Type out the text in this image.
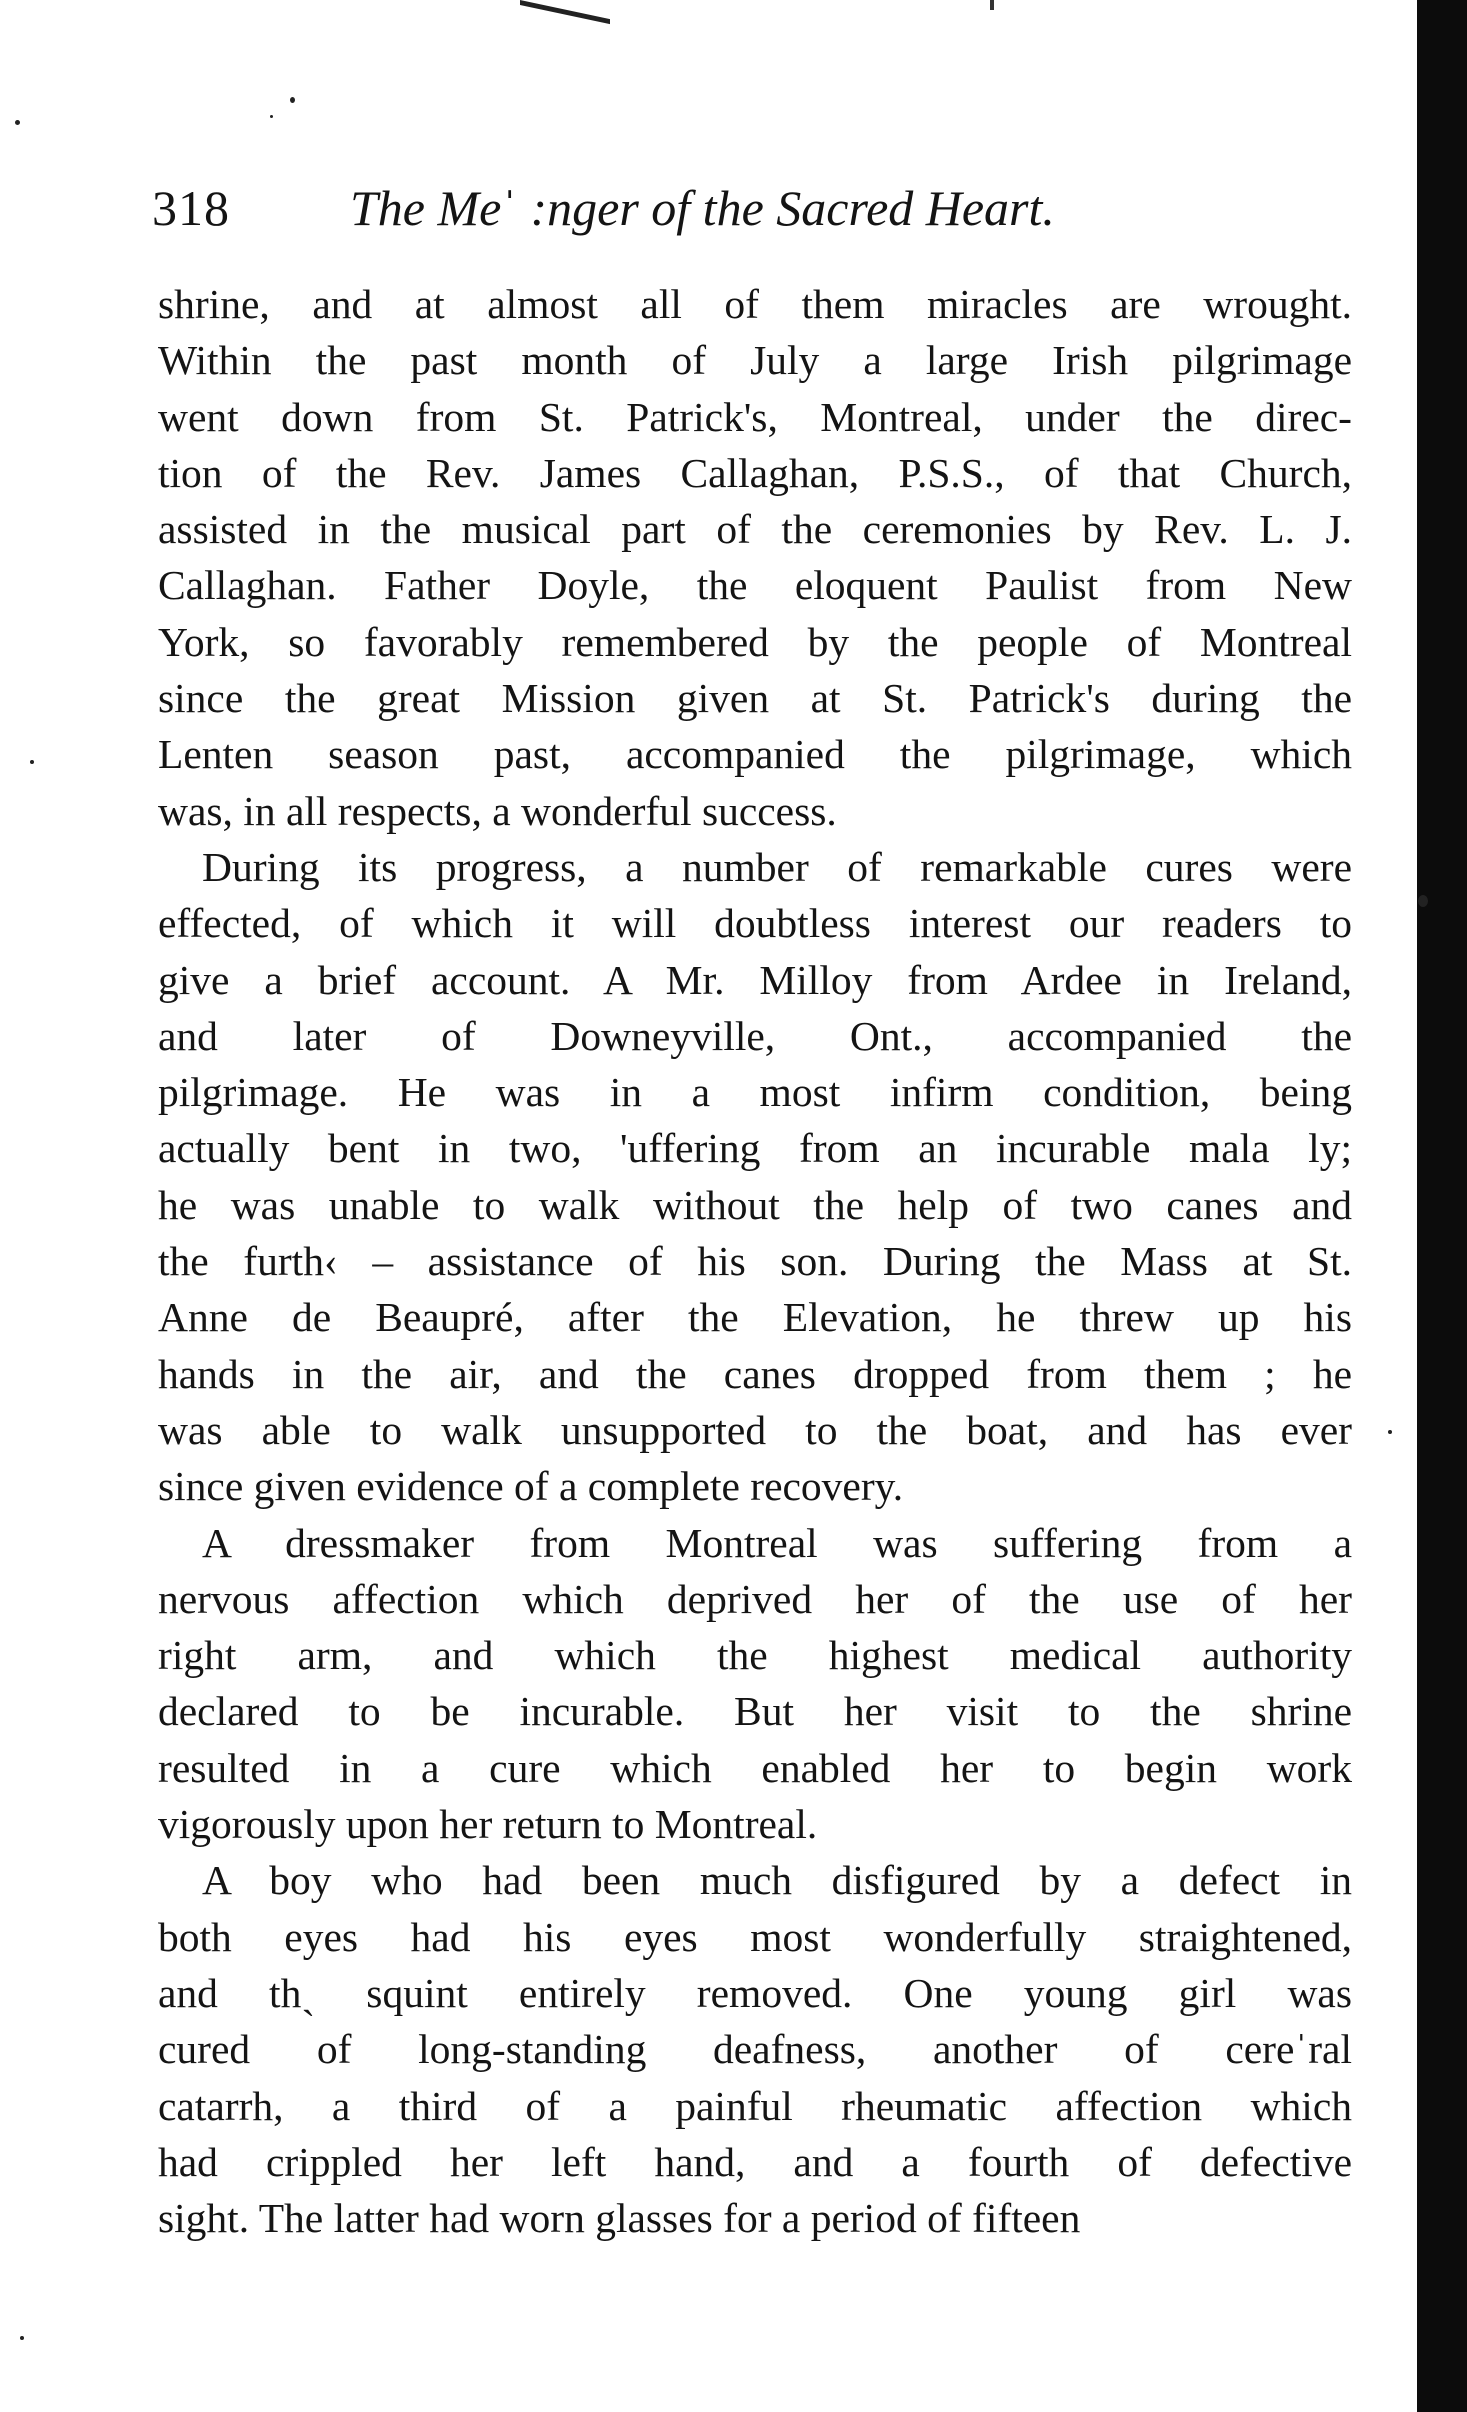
318 The Meˈ :nger of the Sacred Heart.
shrine, and at almost all of them miracles are wrought.
Within the past month of July a large Irish pilgrimage
went down from St. Patrick's, Montreal, under the direc-
tion of the Rev. James Callaghan, P.S.S., of that Church,
assisted in the musical part of the ceremonies by Rev. L. J.
Callaghan. Father Doyle, the eloquent Paulist from New
York, so favorably remembered by the people of Montreal
since the great Mission given at St. Patrick's during the
Lenten season past, accompanied the pilgrimage, which
was, in all respects, a wonderful success.
During its progress, a number of remarkable cures were
effected, of which it will doubtless interest our readers to
give a brief account. A Mr. Milloy from Ardee in Ireland,
and later of Downeyville, Ont., accompanied the
pilgrimage. He was in a most infirm condition, being
actually bent in two, 'uffering from an incurable mala ly;
he was unable to walk without the help of two canes and
the furth‹ – assistance of his son. During the Mass at St.
Anne de Beaupré, after the Elevation, he threw up his
hands in the air, and the canes dropped from them ; he
was able to walk unsupported to the boat, and has ever
since given evidence of a complete recovery.
A dressmaker from Montreal was suffering from a
nervous affection which deprived her of the use of her
right arm, and which the highest medical authority
declared to be incurable. But her visit to the shrine
resulted in a cure which enabled her to begin work
vigorously upon her return to Montreal.
A boy who had been much disfigured by a defect in
both eyes had his eyes most wonderfully straightened,
and thˎ squint entirely removed. One young girl was
cured of long-standing deafness, another of cereˈral
catarrh, a third of a painful rheumatic affection which
had crippled her left hand, and a fourth of defective
sight. The latter had worn glasses for a period of fifteen
